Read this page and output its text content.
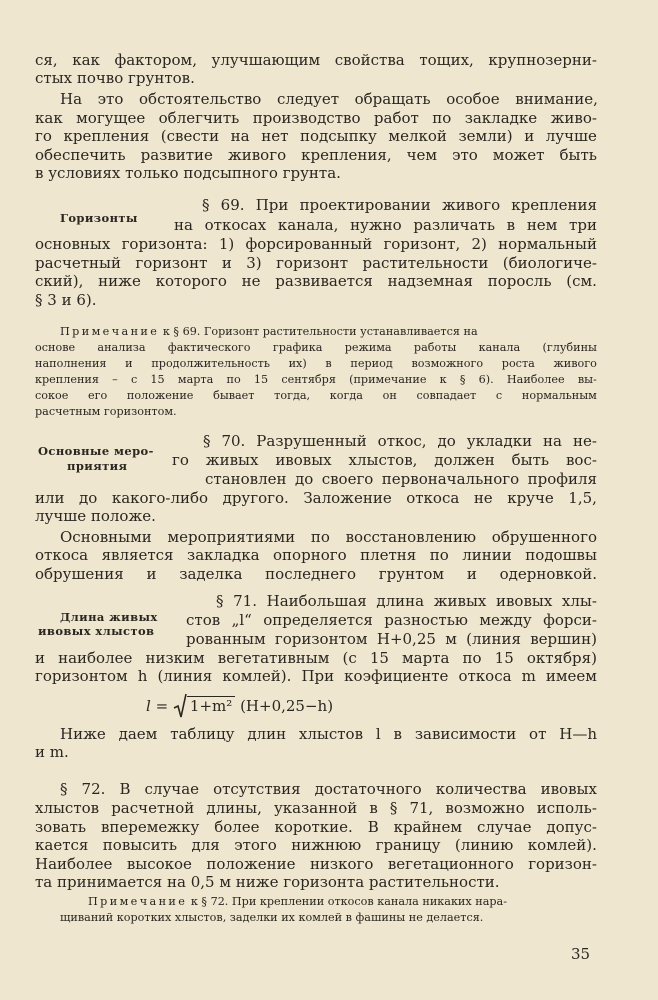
ся, как фактором, улучшающим свойства тощих, крупнозерни-

стых почво грунтов.

На это обстоятельство следует обращать особое внимание,

как могущее облегчить производство работ по закладке живо-

го крепления (свести на нет подсыпку мелкой земли) и лучше

обеспечить развитие живого крепления, чем это может быть

в условиях только подсыпного грунта.

Горизонты

§ 69. При проектировании живого крепления

на откосах канала, нужно различать в нем три

основных горизонта: 1) форсированный горизонт, 2) нормальный

расчетный горизонт и 3) горизонт растительности (биологиче-

ский), ниже которого не развивается надземная поросль (см.

§ 3 и 6).

Примечание к § 69. Горизонт растительности устанавливается на

основе анализа фактического графика режима работы канала (глубины

наполнения и продолжительность их) в период возможного роста живого

крепления – с 15 марта по 15 сентября (примечание к § 6). Наиболее вы-

сокое его положение бывает тогда, когда он совпадает с нормальным

расчетным горизонтом.

Основные меро-
приятия

§ 70. Разрушенный откос, до укладки на не-

го живых ивовых хлыстов, должен быть вос-

становлен до своего первоначального профиля

или до какого-либо другого. Заложение откоса не круче 1,5,

лучше положе.

Основными мероприятиями по восстановлению обрушенного

откоса является закладка опорного плетня по линии подошвы

обрушения и заделка последнего грунтом и одерновкой.

Длина живых
ивовых хлыстов

§ 71. Наибольшая длина живых ивовых хлы-

стов „l“ определяется разностью между форси-

рованным горизонтом H+0,25 м (линия вершин)

и наиболее низким вегетативным (с 15 марта по 15 октября)

горизонтом h (линия комлей). При коэфициенте откоса m имеем

l = 1+m² (H+0,25−h)

Ниже даем таблицу длин хлыстов l в зависимости от H—h

и m.

§ 72. В случае отсутствия достаточного количества ивовых

хлыстов расчетной длины, указанной в § 71, возможно исполь-

зовать вперемежку более короткие. В крайнем случае допус-

кается повысить для этого нижнюю границу (линию комлей).

Наиболее высокое положение низкого вегетационного горизон-

та принимается на 0,5 м ниже горизонта растительности.

Примечание к § 72. При креплении откосов канала никаких нара-

щиваний коротких хлыстов, заделки их комлей в фашины не делается.

35
